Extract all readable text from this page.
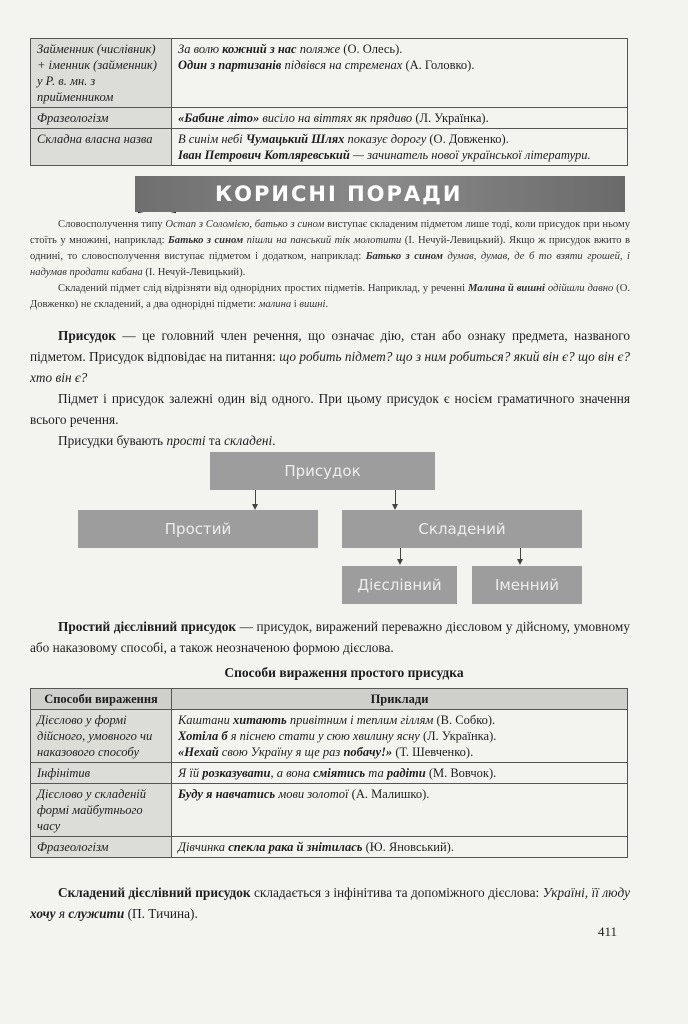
Займенник (числівник) + іменник (займенник) у Р. в. мн. з прийменником	За волю кожний з нас поляже (О. Олесь).
Один з партизанів підвівся на стременах (А. Головко).

Фразеологізм	«Бабине літо» висіло на віттях як прядиво (Л. Українка).

Складна власна назва	В синім небі Чумацький Шлях показує дорогу (О. Довженко).
Іван Петрович Котляревський — зачинатель нової української літератури.
КОРИСНІ ПОРАДИ

Словосполучення типу Остап з Соломією, батько з сином виступає складеним підметом лише тоді, коли присудок при ньому стоїть у множині, наприклад: Батько з сином пішли на панський тік молотити (І. Нечуй-Левицький). Якщо ж присудок вжито в однині, то словосполучення виступає підметом і додатком, наприклад: Батько з сином думав, думав, де б то взяти грошей, і надумав продати кабана (І. Нечуй-Левицький).

Складений підмет слід відрізняти від однорідних простих підметів. Наприклад, у реченні Малина й вишні одійшли давно (О. Довженко) не складений, а два однорідні підмети: малина і вишні.

Присудок — це головний член речення, що означає дію, стан або ознаку предмета, названого підметом. Присудок відповідає на питання: що робить підмет? що з ним робиться? який він є? що він є? хто він є?

Підмет і присудок залежні один від одного. При цьому присудок є носієм граматичного значення всього речення.

Присудки бувають прості та складені.

Присудок
Простий	Складений
Дієслівний	Іменний

Простий дієслівний присудок — присудок, виражений переважно дієсловом у дійсному, умовному або наказовому способі, а також неозначеною формою дієслова.

Способи вираження простого присудка
Способи вираження	Приклади
Дієслово у формі дійсного, умовного чи наказового способу	Каштани хитають привітним і теплим гіллям (В. Собко).
Хотіла б я піснею стати у сюю хвилину ясну (Л. Українка).
«Нехай свою Україну я ще раз побачу!» (Т. Шевченко).

Інфінітив	Я їй розказувати, а вона сміятись та радіти (М. Вовчок).

Дієслово у складеній формі майбутнього часу	Буду я навчатись мови золотої (А. Малишко).

Фразеологізм	Дівчинка спекла рака й знітилась (Ю. Яновський).

Складений дієслівний присудок складається з інфінітива та допоміжного дієслова: Україні, її люду хочу я служити (П. Тичина).

411
